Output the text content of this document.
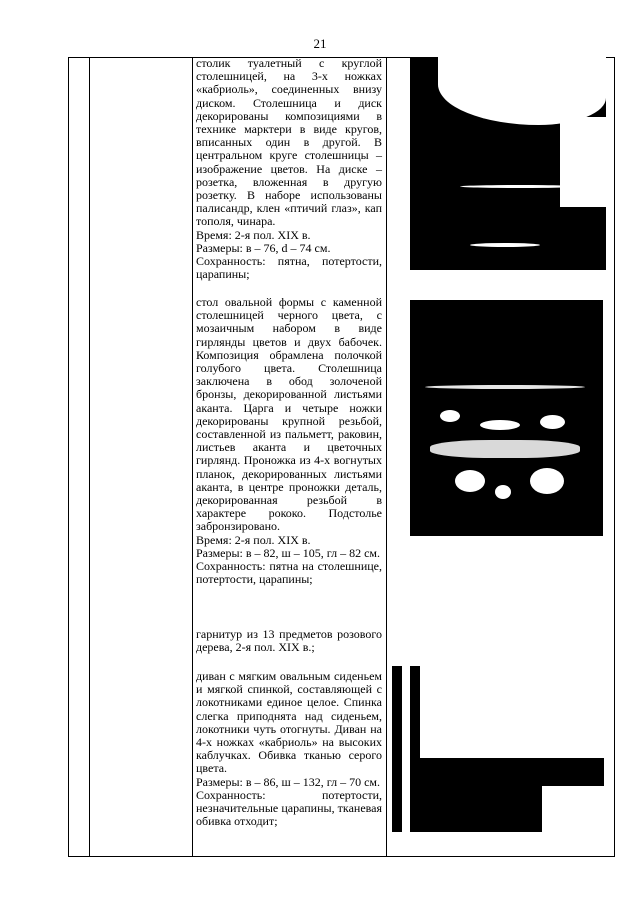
21
столик туалетный с круглой столешницей, на 3-х ножках «кабриоль», соединенных внизу диском. Столешница и диск декорированы композициями в технике марктери в виде кругов, вписанных один в другой. В центральном круге столешницы – изображение цветов. На диске – розетка, вложенная в другую розетку. В наборе использованы палисандр, клен «птичий глаз», кап тополя, чинара.
Время: 2-я пол. XIX в.
Размеры: в – 76, d – 74 см.
Сохранность: пятна, потертости, царапины;
стол овальной формы с каменной столешницей черного цвета, с мозаичным набором в виде гирлянды цветов и двух бабочек. Композиция обрамлена полочкой голубого цвета. Столешница заключена в обод золоченой бронзы, декорированной листьями аканта. Царга и четыре ножки декорированы крупной резьбой, составленной из пальметт, раковин, листьев аканта и цветочных гирлянд. Проножка из 4-х вогнутых планок, декорированных листьями аканта, в центре проножки деталь, декорированная резьбой в характере рококо. Подстолье забронзировано.
Время: 2-я пол. XIX в.
Размеры: в – 82, ш – 105, гл – 82 см.
Сохранность: пятна на столешнице, потертости, царапины;
гарнитур из 13 предметов розового дерева, 2-я пол. XIX в.;
диван с мягким овальным сиденьем и мягкой спинкой, составляющей с локотниками единое целое. Спинка слегка приподнята над сиденьем, локотники чуть отогнуты. Диван на 4-х ножках «кабриоль» на высоких каблучках. Обивка тканью серого цвета.
Размеры: в – 86, ш – 132, гл – 70 см.
Сохранность: потертости, незначительные царапины, тканевая обивка отходит;
